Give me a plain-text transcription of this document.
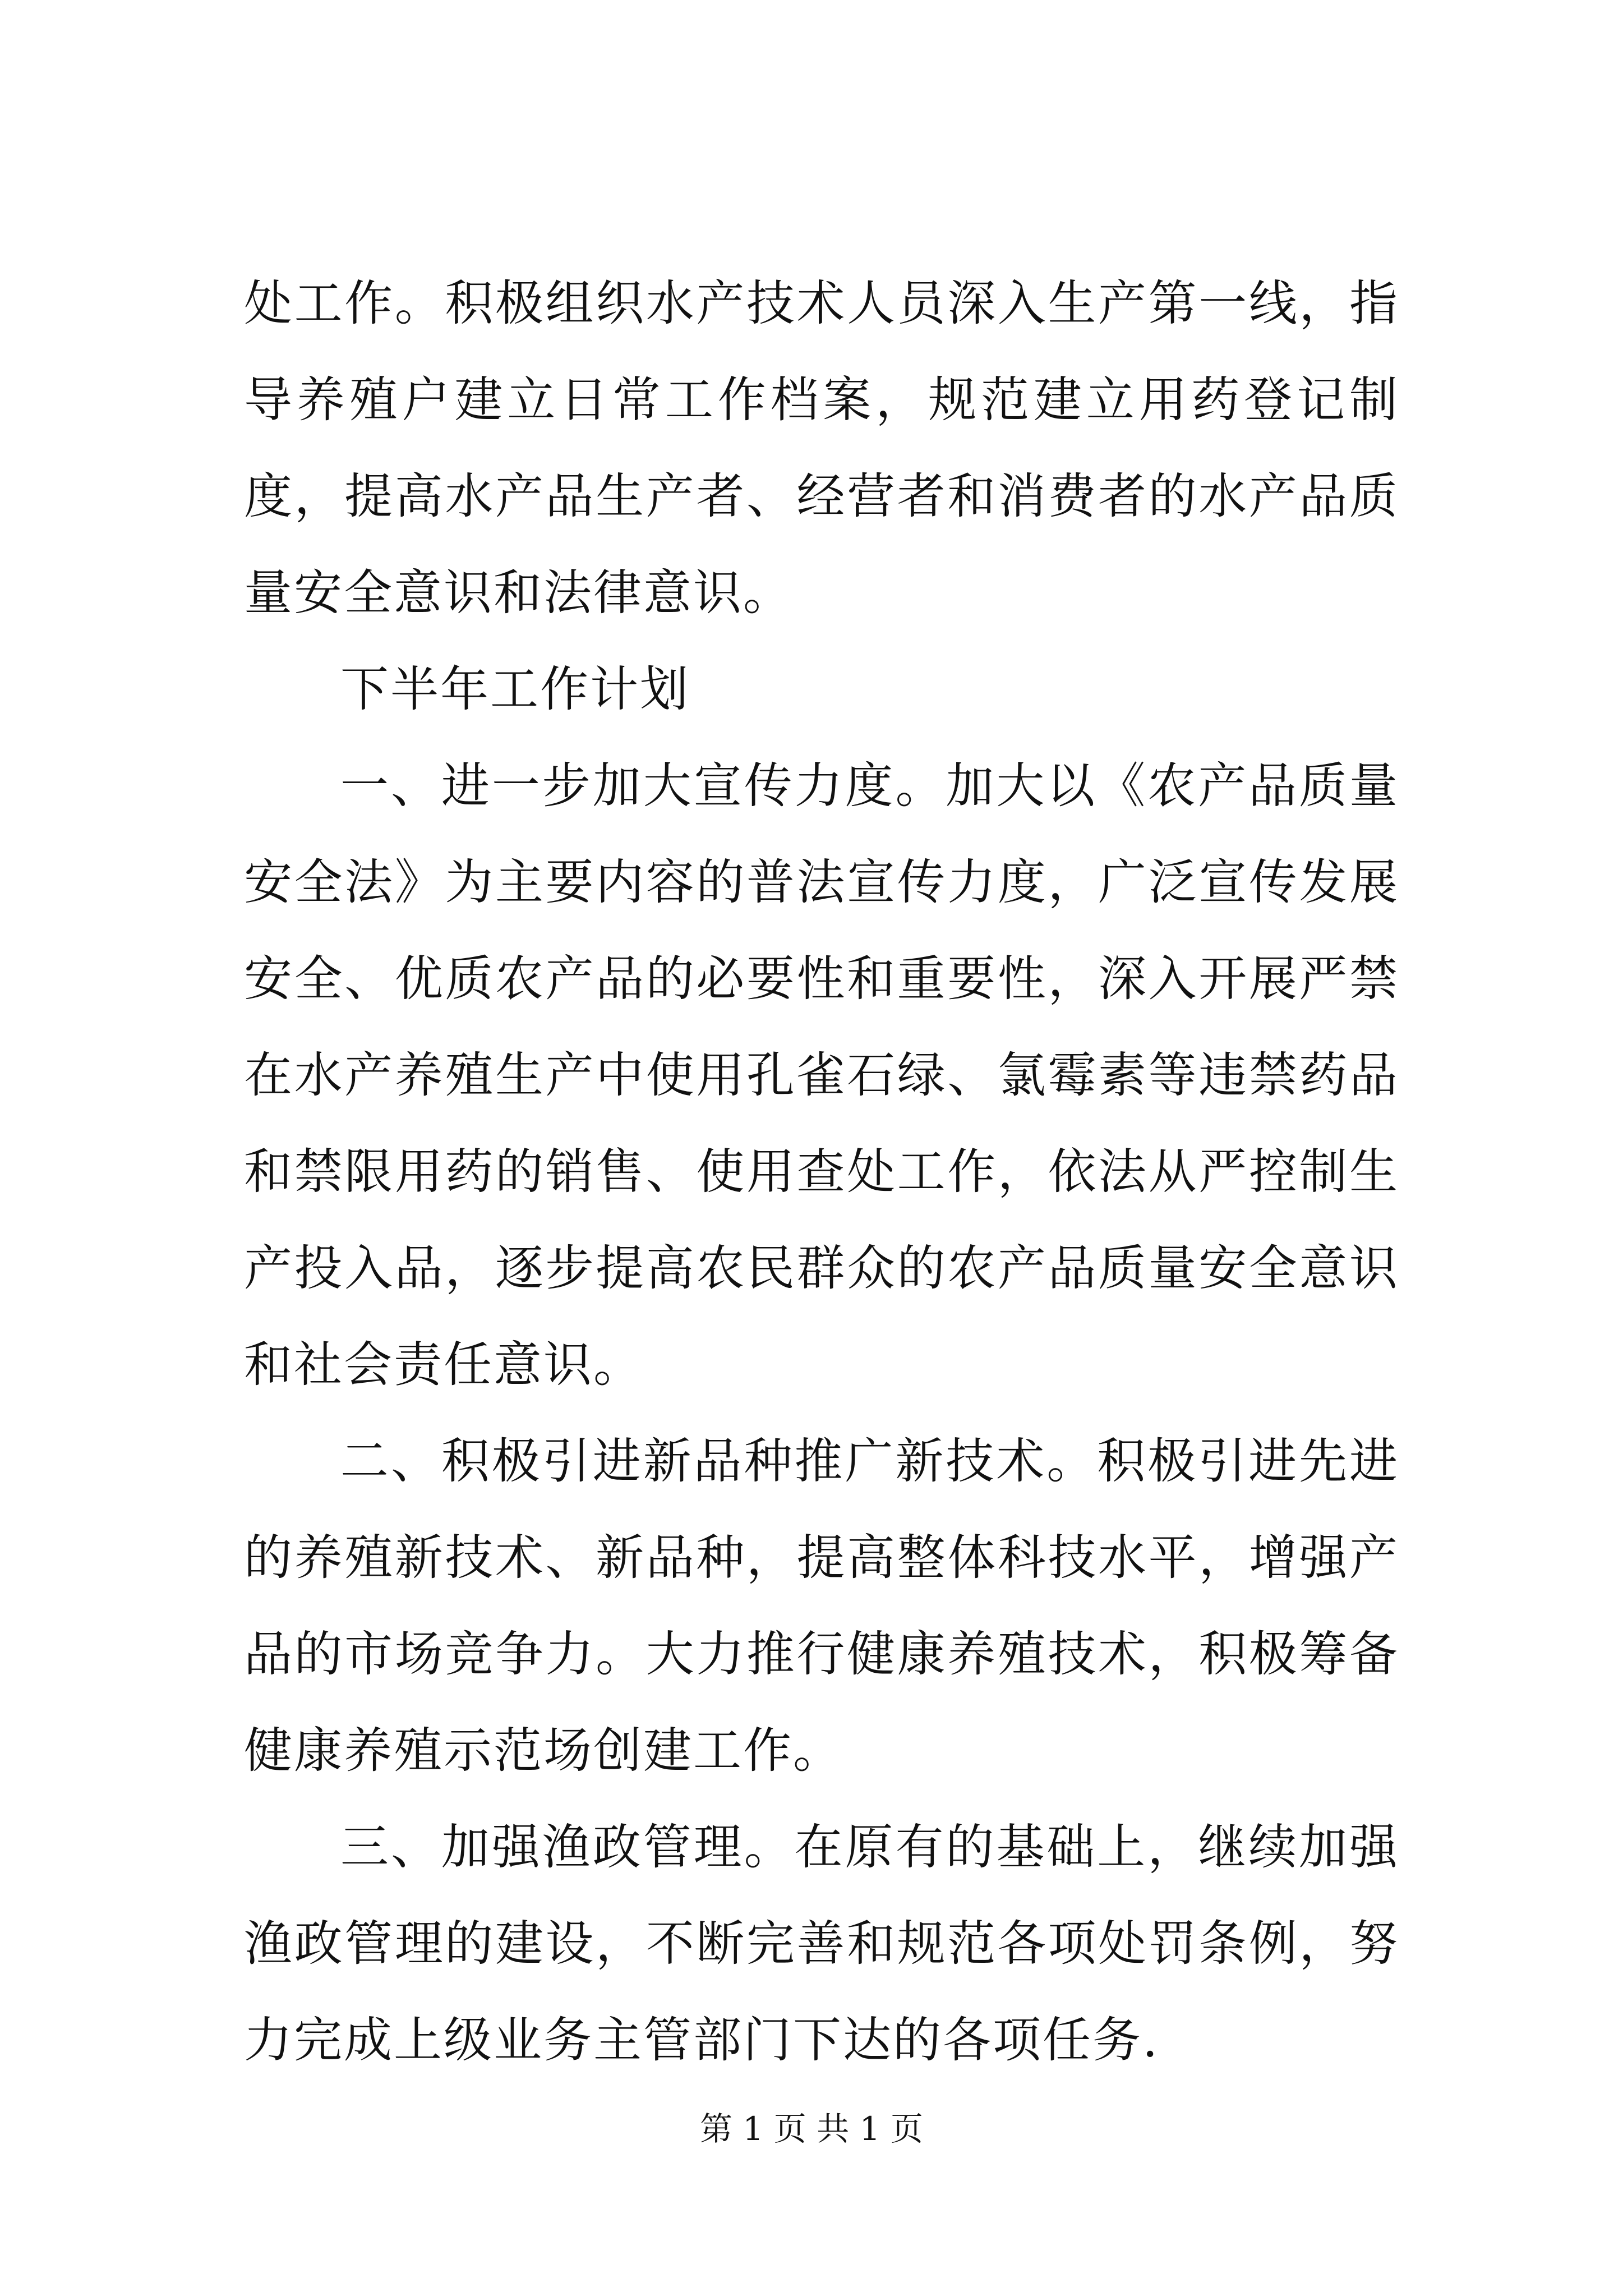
处工作。积极组织水产技术人员深入生产第一线，指导养殖户建立日常工作档案，规范建立用药登记制度，提高水产品生产者、经营者和消费者的水产品质量安全意识和法律意识。

下半年工作计划

一、进一步加大宣传力度。加大以《农产品质量安全法》为主要内容的普法宣传力度，广泛宣传发展安全、优质农产品的必要性和重要性，深入开展严禁在水产养殖生产中使用孔雀石绿、氯霉素等违禁药品和禁限用药的销售、使用查处工作，依法从严控制生产投入品，逐步提高农民群众的农产品质量安全意识和社会责任意识。

二、积极引进新品种推广新技术。积极引进先进的养殖新技术、新品种，提高整体科技水平，增强产品的市场竞争力。大力推行健康养殖技术，积极筹备健康养殖示范场创建工作。

三、加强渔政管理。在原有的基础上，继续加强渔政管理的建设，不断完善和规范各项处罚条例，努力完成上级业务主管部门下达的各项任务.

第 1 页 共 1 页
